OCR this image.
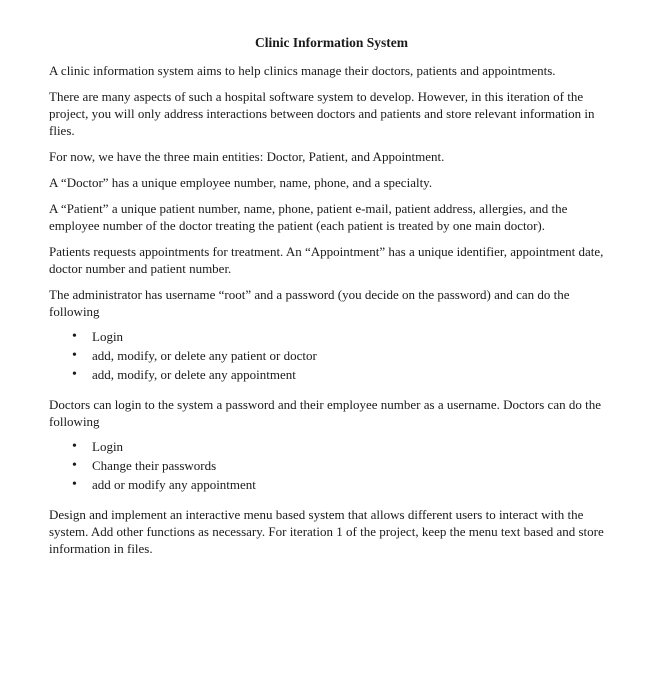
Clinic Information System

A clinic information system aims to help clinics manage their doctors, patients and appointments.

There are many aspects of such a hospital software system to develop. However, in this iteration of the project, you will only address interactions between doctors and patients and store relevant information in flies.

For now, we have the three main entities: Doctor, Patient, and Appointment.

A “Doctor” has a unique employee number, name, phone, and a specialty.

A “Patient” a unique patient number, name, phone, patient e-mail, patient address, allergies, and the employee number of the doctor treating the patient (each patient is treated by one main doctor).

Patients requests appointments for treatment. An “Appointment” has a unique identifier, appointment date, doctor number and patient number.

The administrator has username “root” and a password (you decide on the password) and can do the following

• Login
• add, modify, or delete any patient or doctor
• add, modify, or delete any appointment

Doctors can login to the system a password and their employee number as a username. Doctors can do the following

• Login
• Change their passwords
• add or modify any appointment

Design and implement an interactive menu based system that allows different users to interact with the system. Add other functions as necessary. For iteration 1 of the project, keep the menu text based and store information in files.
